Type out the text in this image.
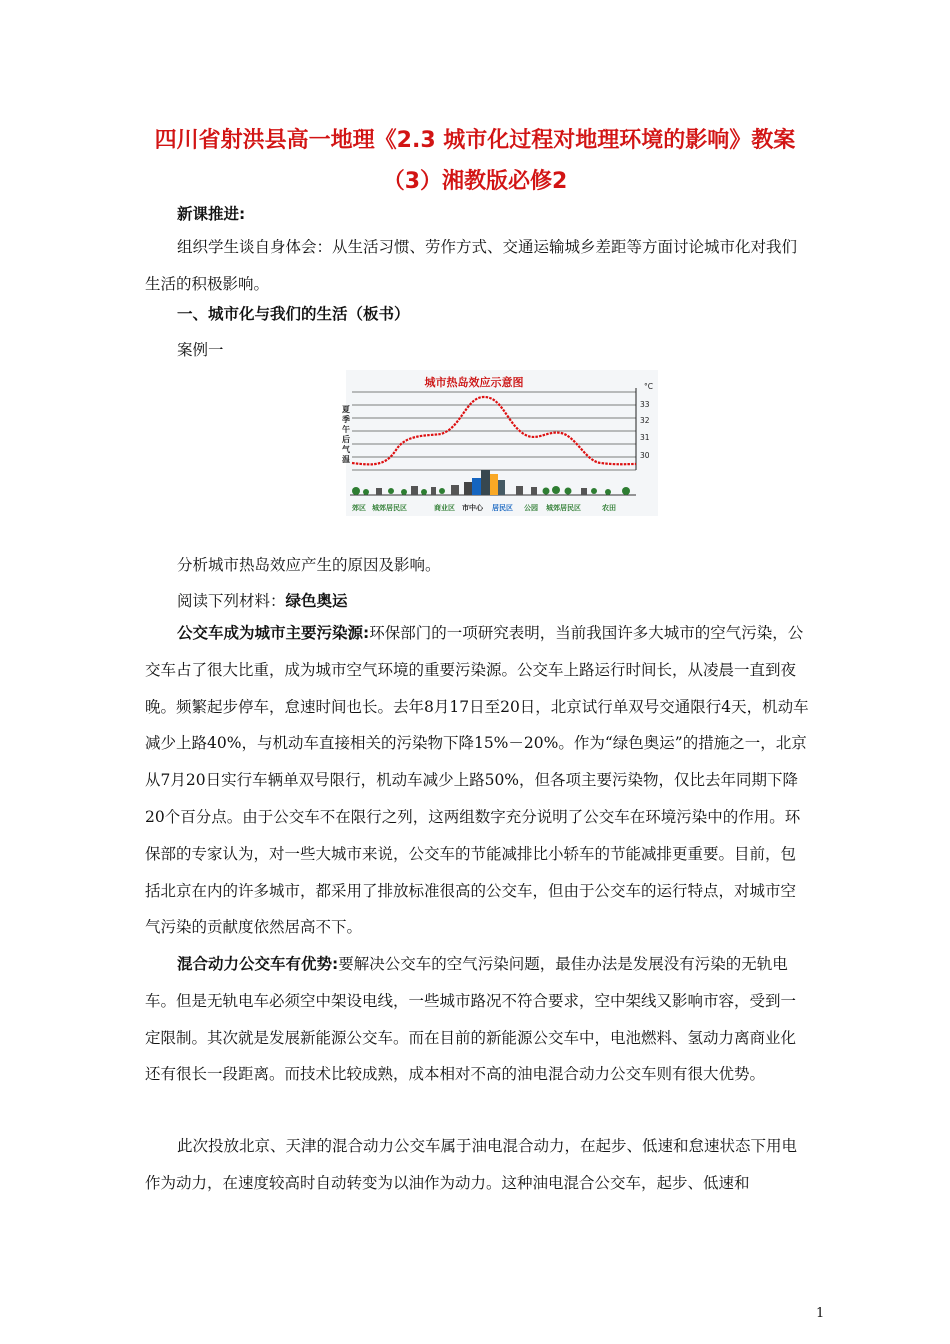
四川省射洪县高一地理《2.3 城市化过程对地理环境的影响》教案（3）湘教版必修2
新课推进:
组织学生谈自身体会：从生活习惯、劳作方式、交通运输城乡差距等方面讨论城市化对我们生活的积极影响。
一、城市化与我们的生活（板书）
案例一
城市热岛效应示意图	°C
33
32
31
30
夏 季 午 后 气 温
郊区 城郊居民区	商业区 市中心 居民区 公园 城郊居民区	农田
分析城市热岛效应产生的原因及影响。
阅读下列材料：绿色奥运
公交车成为城市主要污染源:环保部门的一项研究表明，当前我国许多大城市的空气污染，公交车占了很大比重，成为城市空气环境的重要污染源。公交车上路运行时间长，从凌晨一直到夜晚。频繁起步停车，怠速时间也长。去年8月17日至20日，北京试行单双号交通限行4天，机动车减少上路40%，与机动车直接相关的污染物下降15%－20%。作为“绿色奥运”的措施之一，北京从7月20日实行车辆单双号限行，机动车减少上路50%，但各项主要污染物，仅比去年同期下降20个百分点。由于公交车不在限行之列，这两组数字充分说明了公交车在环境污染中的作用。环保部的专家认为，对一些大城市来说，公交车的节能减排比小轿车的节能减排更重要。目前，包括北京在内的许多城市，都采用了排放标准很高的公交车，但由于公交车的运行特点，对城市空气污染的贡献度依然居高不下。
混合动力公交车有优势:要解决公交车的空气污染问题，最佳办法是发展没有污染的无轨电车。但是无轨电车必须空中架设电线，一些城市路况不符合要求，空中架线又影响市容，受到一定限制。其次就是发展新能源公交车。而在目前的新能源公交车中，电池燃料、氢动力离商业化还有很长一段距离。而技术比较成熟，成本相对不高的油电混合动力公交车则有很大优势。
此次投放北京、天津的混合动力公交车属于油电混合动力，在起步、低速和怠速状态下用电作为动力，在速度较高时自动转变为以油作为动力。这种油电混合公交车，起步、低速和
1
